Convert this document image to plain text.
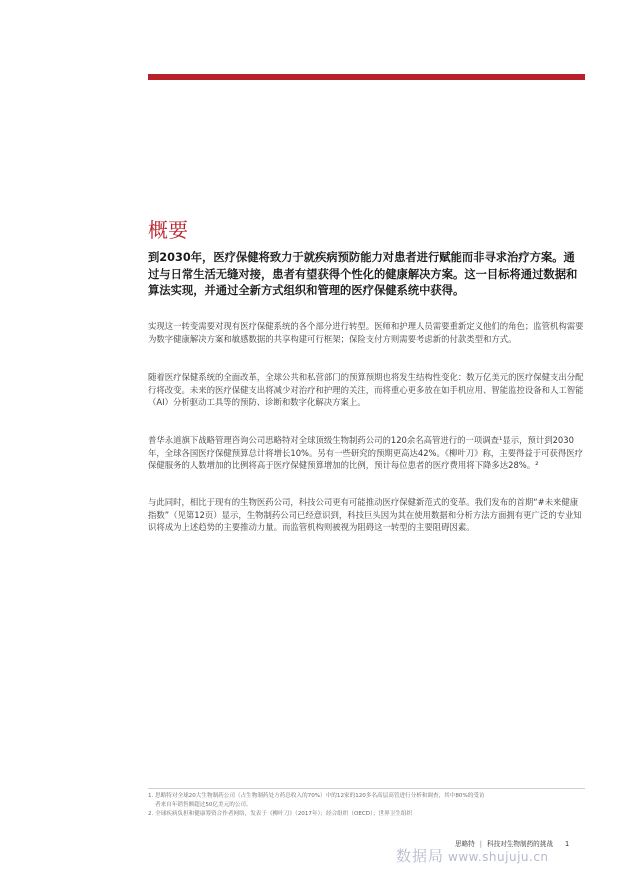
概要

到2030年，医疗保健将致力于就疾病预防能力对患者进行赋能而非寻求治疗方案。通过与日常生活无缝对接，患者有望获得个性化的健康解决方案。这一目标将通过数据和算法实现，并通过全新方式组织和管理的医疗保健系统中获得。

实现这一转变需要对现有医疗保健系统的各个部分进行转型。医师和护理人员需要重新定义他们的角色；监管机构需要为数字健康解决方案和敏感数据的共享构建可行框架；保险支付方则需要考虑新的付款类型和方式。

随着医疗保健系统的全面改革，全球公共和私营部门的预算预期也将发生结构性变化：数万亿美元的医疗保健支出分配行将改变。未来的医疗保健支出将减少对治疗和护理的关注，而将重心更多放在如手机应用、智能监控设备和人工智能（AI）分析驱动工具等的预防、诊断和数字化解决方案上。

普华永道旗下战略管理咨询公司思略特对全球顶级生物制药公司的120余名高管进行的一项调查¹显示，预计到2030年，全球各国医疗保健预算总计将增长10%。另有一些研究的预期更高达42%。《柳叶刀》称，主要得益于可获得医疗保健服务的人数增加的比例将高于医疗保健预算增加的比例，预计每位患者的医疗费用将下降多达28%。²

与此同时，相比于现有的生物医药公司，科技公司更有可能推动医疗保健新范式的变革。我们发布的首期“#未来健康指数”（见第12页）显示，生物制药公司已经意识到，科技巨头因为其在使用数据和分析方法方面拥有更广泛的专业知识将成为上述趋势的主要推动力量。而监管机构则被视为阻碍这一转型的主要阻碍因素。

1. 思略特对全球20大生物制药公司（占生物制药处方药总收入的70%）中的12家的120多名高层高管进行分析和调查，其中80%的受访
者来自年销售额超过50亿美元的公司。
2. 全球疾病负担和健康筹资合作者网络，发表于《柳叶刀》（2017年）；经合组织（OECD）；世界卫生组织
思略特 | 科技对生物制药的挑战 1
数据局 www.shujuju.cn
